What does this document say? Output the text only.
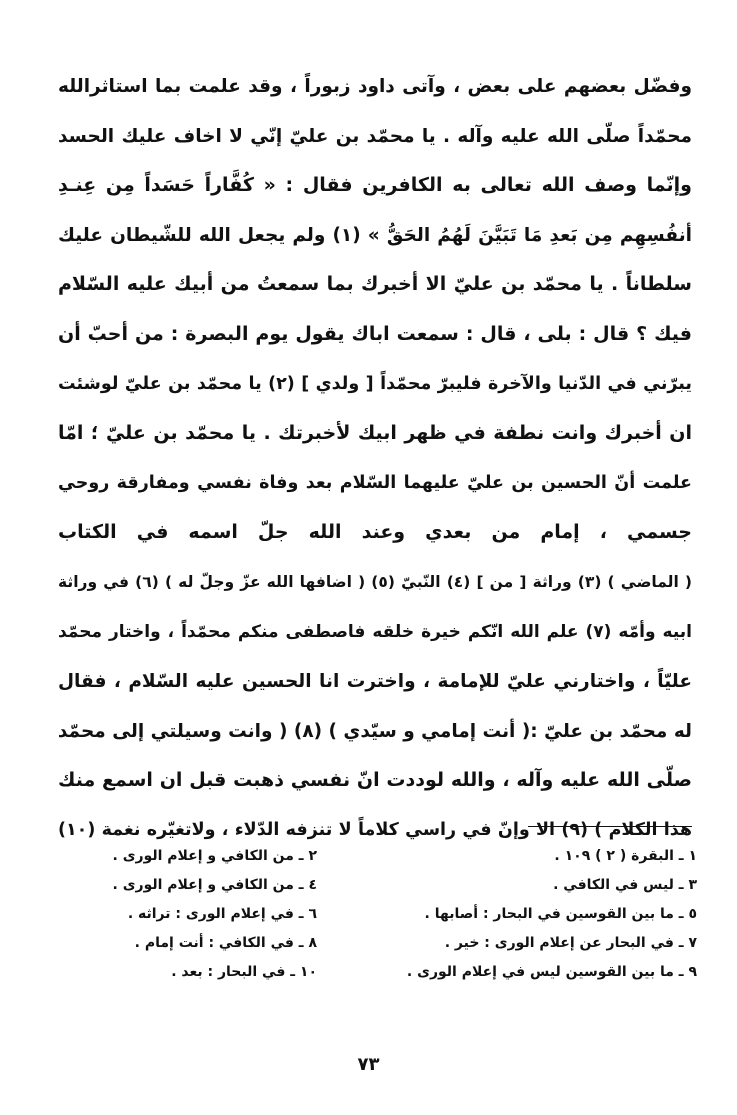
وفضّل بعضهم على بعض ، وآتى داود زبوراً ، وقد علمت بما استاثرالله
محمّداً صلّى الله عليه وآله . يا محمّد بن عليّ إنّي لا اخاف عليك الحسد
وإنّما وصف الله تعالى به الكافرين فقال : « كُفَّاراً حَسَداً مِن عِنـدِ
أنفُسِهِم مِن بَعدِ مَا تَبَيَّنَ لَهُمُ الحَقُّ » (١) ولم يجعل الله للشّيطان عليك
سلطاناً . يا محمّد بن عليّ الا أخبرك بما سمعتُ من أبيك عليه السّلام
فيك ؟ قال : بلى ، قال : سمعت اباك يقول يوم البصرة : من أحبّ أن
يبرّني في الدّنيا والآخرة فليبرّ محمّداً [ ولدي ] (٢) يا محمّد بن عليّ لوشئت
ان أخبرك وانت نطفة في ظهر ابيك لأخبرتك . يا محمّد بن عليّ ؛ امّا
علمت أنّ الحسين بن عليّ عليهما السّلام بعد وفاة نفسي ومفارقة روحي
جسمي ، إمام من بعدي وعند الله جلّ اسمه في الكتاب
( الماضي ) (٣) وراثة [ من ] (٤) النّبيّ (٥) ( اضافها الله عزّ وجلّ له ) (٦) في وراثة
ابيه وأمّه (٧) علم الله انّكم خيرة خلقه فاصطفى منكم محمّداً ، واختار محمّد
عليّاً ، واختارني عليّ للإمامة ، واخترت انا الحسين عليه السّلام ، فقال
له محمّد بن عليّ :( أنت إمامي و سيّدي ) (٨) ( وانت وسيلتي إلى محمّد
صلّى الله عليه وآله ، والله لوددت انّ نفسي ذهبت قبل ان اسمع منك
هذا الكلام ) (٩) الا وإنّ في راسي كلاماً لا تنزفه الدّلاء ، ولاتغيّره نغمة (١٠)
١ ـ البقرة ( ٢ ) ١٠٩ .
٣ ـ ليس في الكافي .
٥ ـ ما بين القوسين في البحار : أصابها .
٧ ـ في البحار عن إعلام الورى : خير .
٩ ـ ما بين القوسين ليس في إعلام الورى .
٢ ـ من الكافي و إعلام الورى .
٤ ـ من الكافي و إعلام الورى .
٦ ـ في إعلام الورى : تراثه .
٨ ـ في الكافي : أنت إمام .
١٠ ـ في البحار : بعد .
٧٣
